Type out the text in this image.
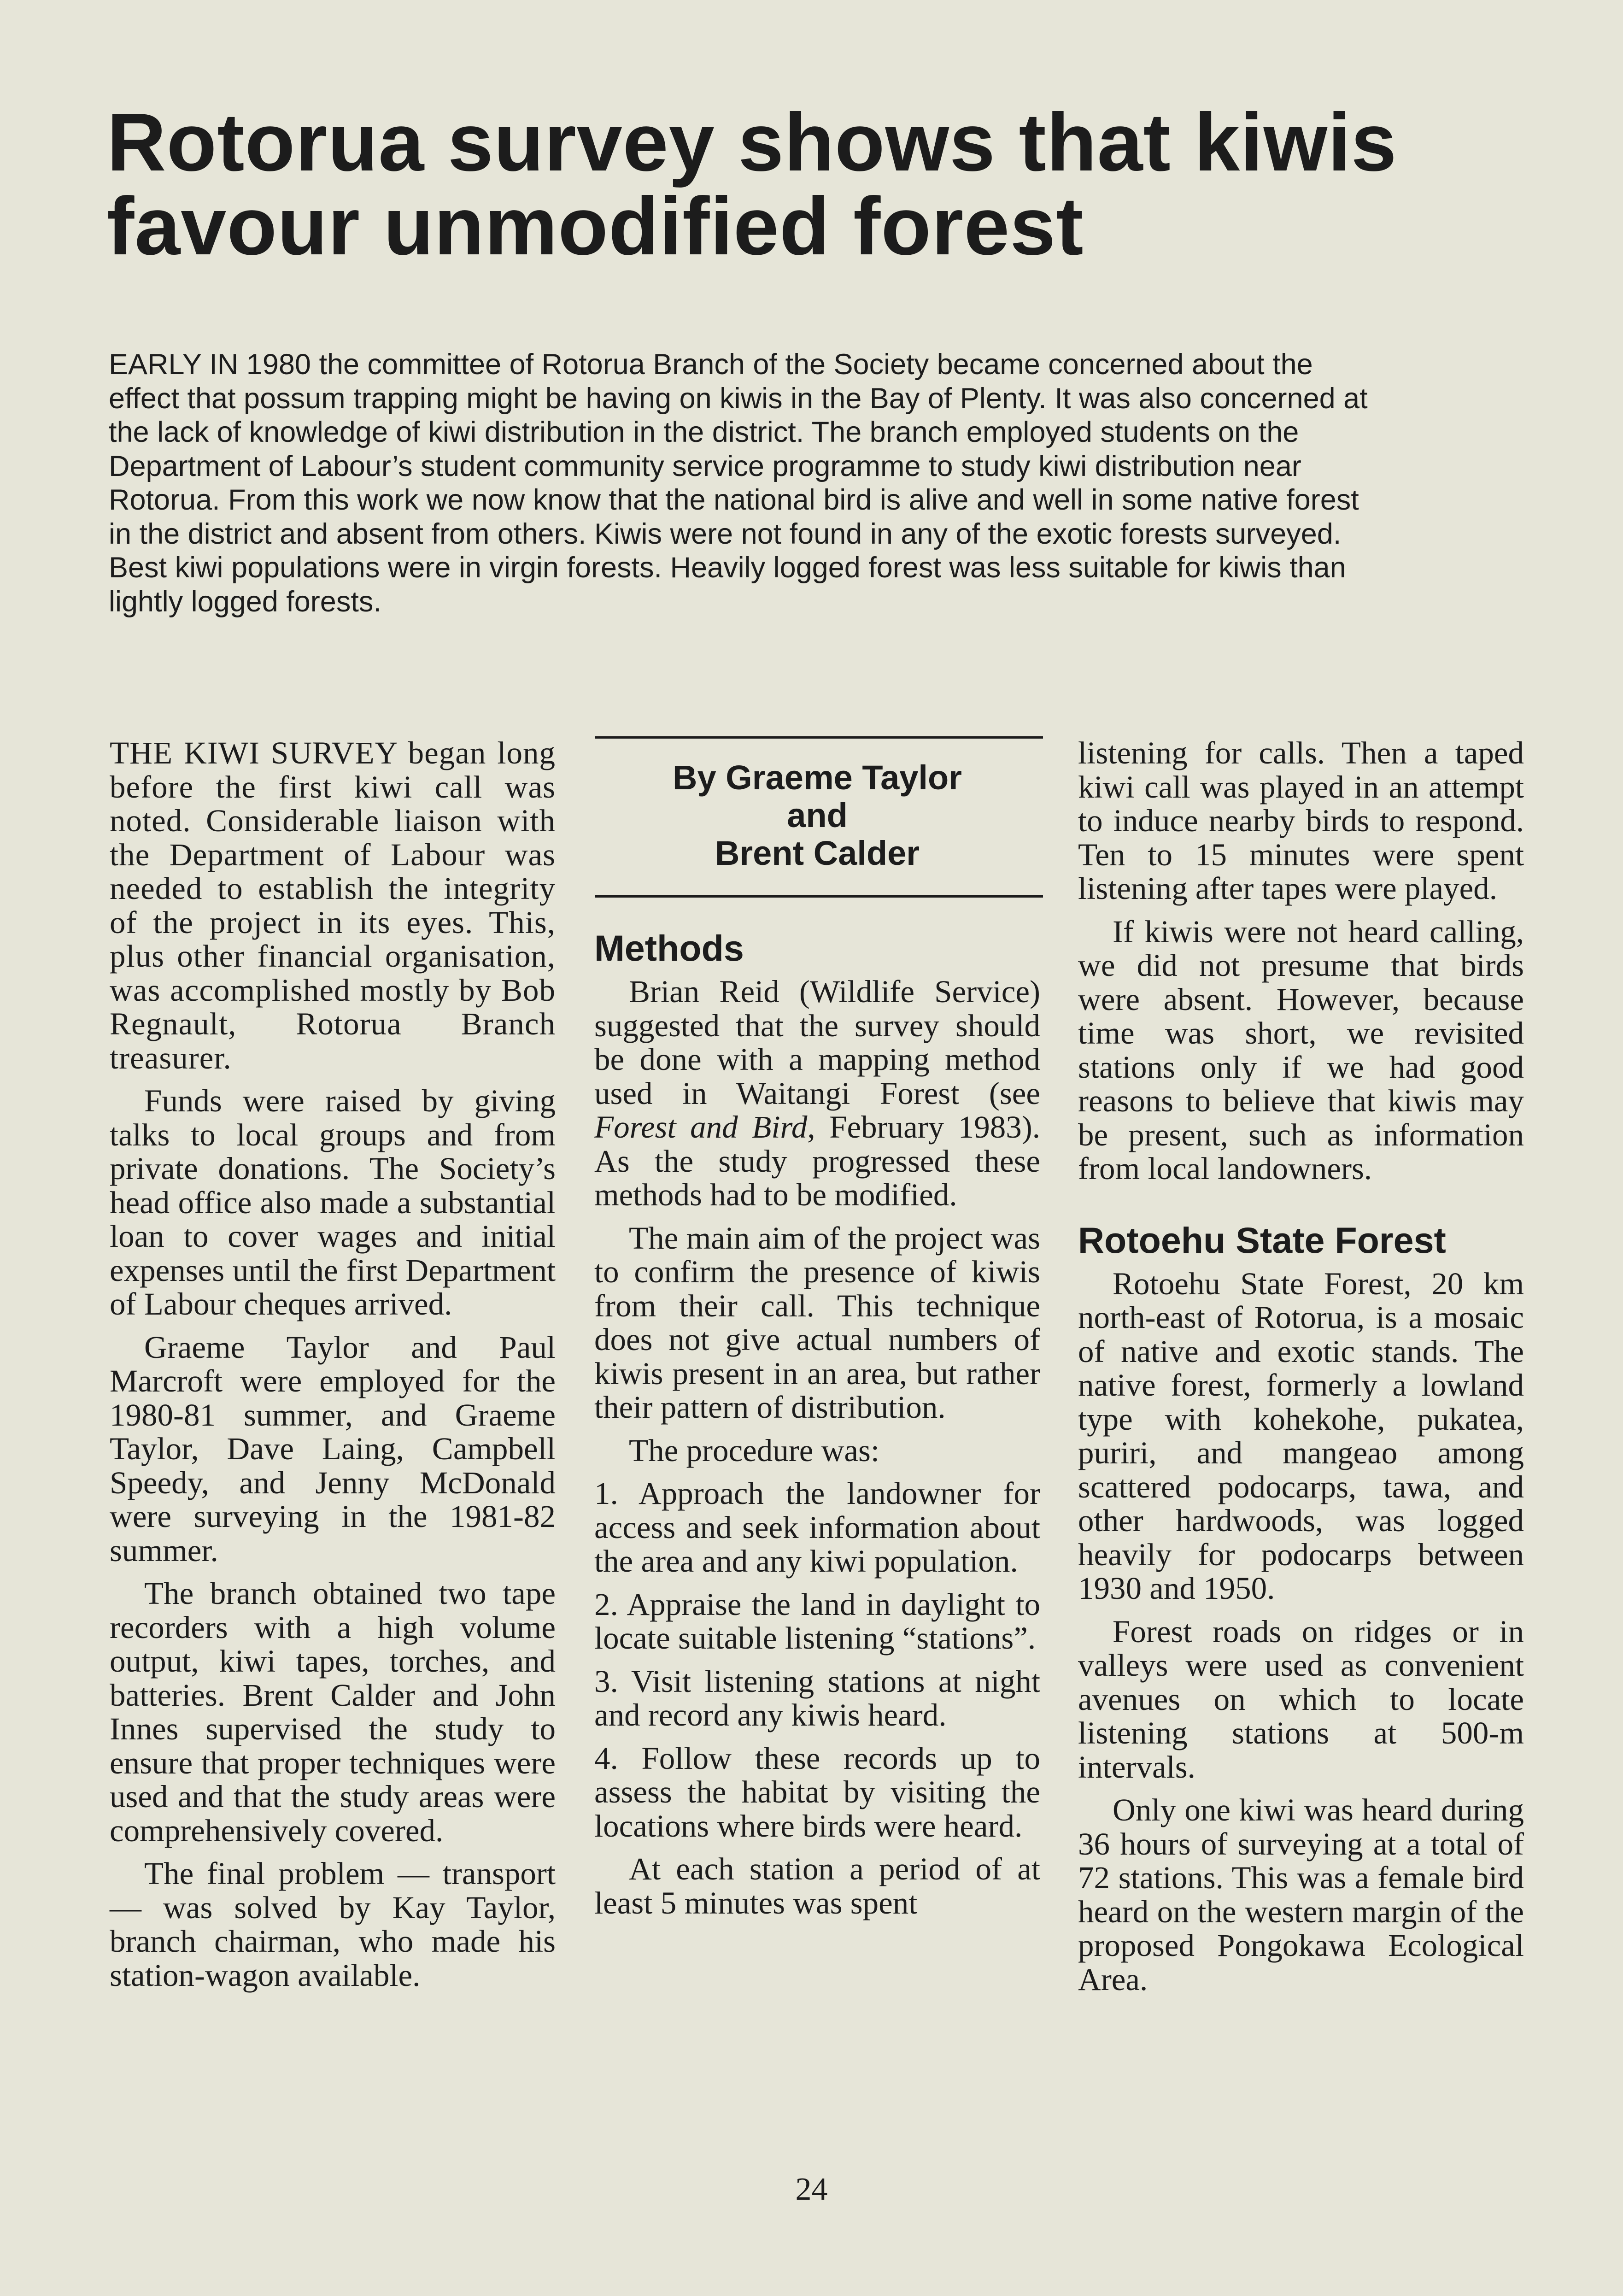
Rotorua survey shows that kiwis
favour unmodified forest

EARLY IN 1980 the committee of Rotorua Branch of the Society became concerned about the effect that possum trapping might be having on kiwis in the Bay of Plenty. It was also concerned at the lack of knowledge of kiwi distribution in the district. The branch employed students on the Department of Labour’s student community service programme to study kiwi distribution near Rotorua. From this work we now know that the national bird is alive and well in some native forest in the district and absent from others. Kiwis were not found in any of the exotic forests surveyed. Best kiwi populations were in virgin forests. Heavily logged forest was less suitable for kiwis than lightly logged forests.

THE KIWI SURVEY began long before the first kiwi call was noted. Considerable liaison with the Department of Labour was needed to establish the integrity of the project in its eyes. This, plus other financial organisation, was accomplished mostly by Bob Regnault, Rotorua Branch treasurer.

Funds were raised by giving talks to local groups and from private donations. The Society’s head office also made a substantial loan to cover wages and initial expenses until the first Department of Labour cheques arrived.

Graeme Taylor and Paul Marcroft were employed for the 1980-81 summer, and Graeme Taylor, Dave Laing, Campbell Speedy, and Jenny McDonald were surveying in the 1981-82 summer.

The branch obtained two tape recorders with a high volume output, kiwi tapes, torches, and batteries. Brent Calder and John Innes supervised the study to ensure that proper techniques were used and that the study areas were comprehensively covered.

The final problem — transport — was solved by Kay Taylor, branch chairman, who made his station-wagon available.

By Graeme Taylor
and
Brent Calder
Methods

Brian Reid (Wildlife Service) suggested that the survey should be done with a mapping method used in Waitangi Forest (see Forest and Bird, February 1983). As the study progressed these methods had to be modified.

The main aim of the project was to confirm the presence of kiwis from their call. This technique does not give actual numbers of kiwis present in an area, but rather their pattern of distribution.

The procedure was:

1. Approach the landowner for access and seek information about the area and any kiwi population.

2. Appraise the land in daylight to locate suitable listening “stations”.

3. Visit listening stations at night and record any kiwis heard.

4. Follow these records up to assess the habitat by visiting the locations where birds were heard.

At each station a period of at least 5 minutes was spent

listening for calls. Then a taped kiwi call was played in an attempt to induce nearby birds to respond. Ten to 15 minutes were spent listening after tapes were played.

If kiwis were not heard calling, we did not presume that birds were absent. However, because time was short, we revisited stations only if we had good reasons to believe that kiwis may be present, such as information from local landowners.

Rotoehu State Forest

Rotoehu State Forest, 20 km north-east of Rotorua, is a mosaic of native and exotic stands. The native forest, formerly a lowland type with kohekohe, pukatea, puriri, and mangeao among scattered podocarps, tawa, and other hardwoods, was logged heavily for podocarps between 1930 and 1950.

Forest roads on ridges or in valleys were used as convenient avenues on which to locate listening stations at 500-m intervals.

Only one kiwi was heard during 36 hours of surveying at a total of 72 stations. This was a female bird heard on the western margin of the proposed Pongokawa Ecological Area.

24
